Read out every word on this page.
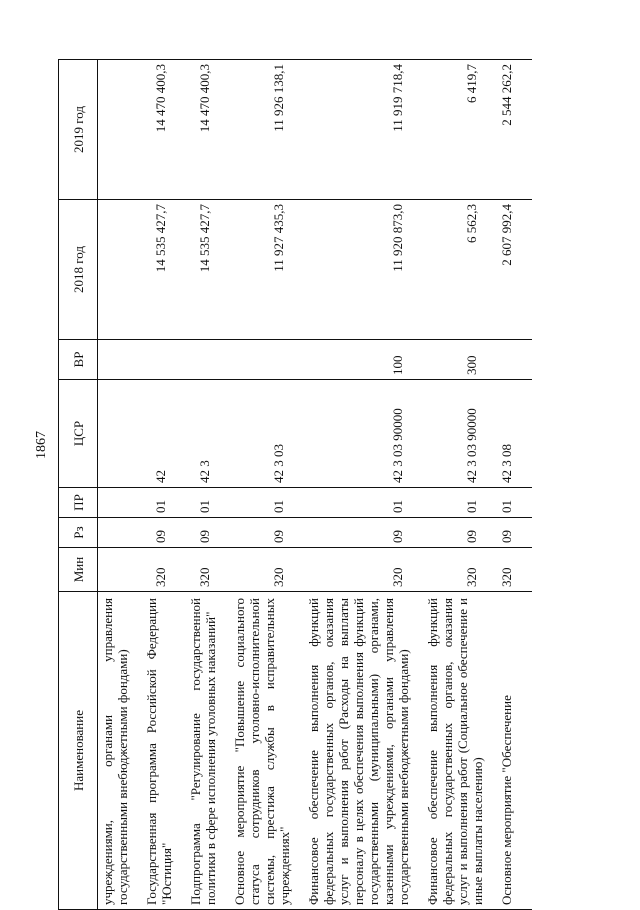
1867
Наименование	Мин	Рз	ПР	ЦСР	ВР	2018 год	2019 год
учреждениями, органами управления государственными внебюджетными фондами)							
Государственная программа Российской Федерации "Юстиция"	320	09	01	42		14 535 427,7	14 470 400,3
Подпрограмма "Регулирование государственной политики в сфере исполнения уголовных наказаний"	320	09	01	42 3		14 535 427,7	14 470 400,3
Основное мероприятие "Повышение социального статуса сотрудников уголовно-исполнительной системы, престижа службы в исправительных учреждениях"	320	09	01	42 3 03		11 927 435,3	11 926 138,1
Финансовое обеспечение выполнения функций федеральных государственных органов, оказания услуг и выполнения работ (Расходы на выплаты персоналу в целях обеспечения выполнения функций государственными (муниципальными) органами, казенными учреждениями, органами управления государственными внебюджетными фондами)	320	09	01	42 3 03 90000	100	11 920 873,0	11 919 718,4
Финансовое обеспечение выполнения функций федеральных государственных органов, оказания услуг и выполнения работ (Социальное обеспечение и иные выплаты населению)	320	09	01	42 3 03 90000	300	6 562,3	6 419,7
Основное мероприятие "Обеспечение	320	09	01	42 3 08		2 607 992,4	2 544 262,2
